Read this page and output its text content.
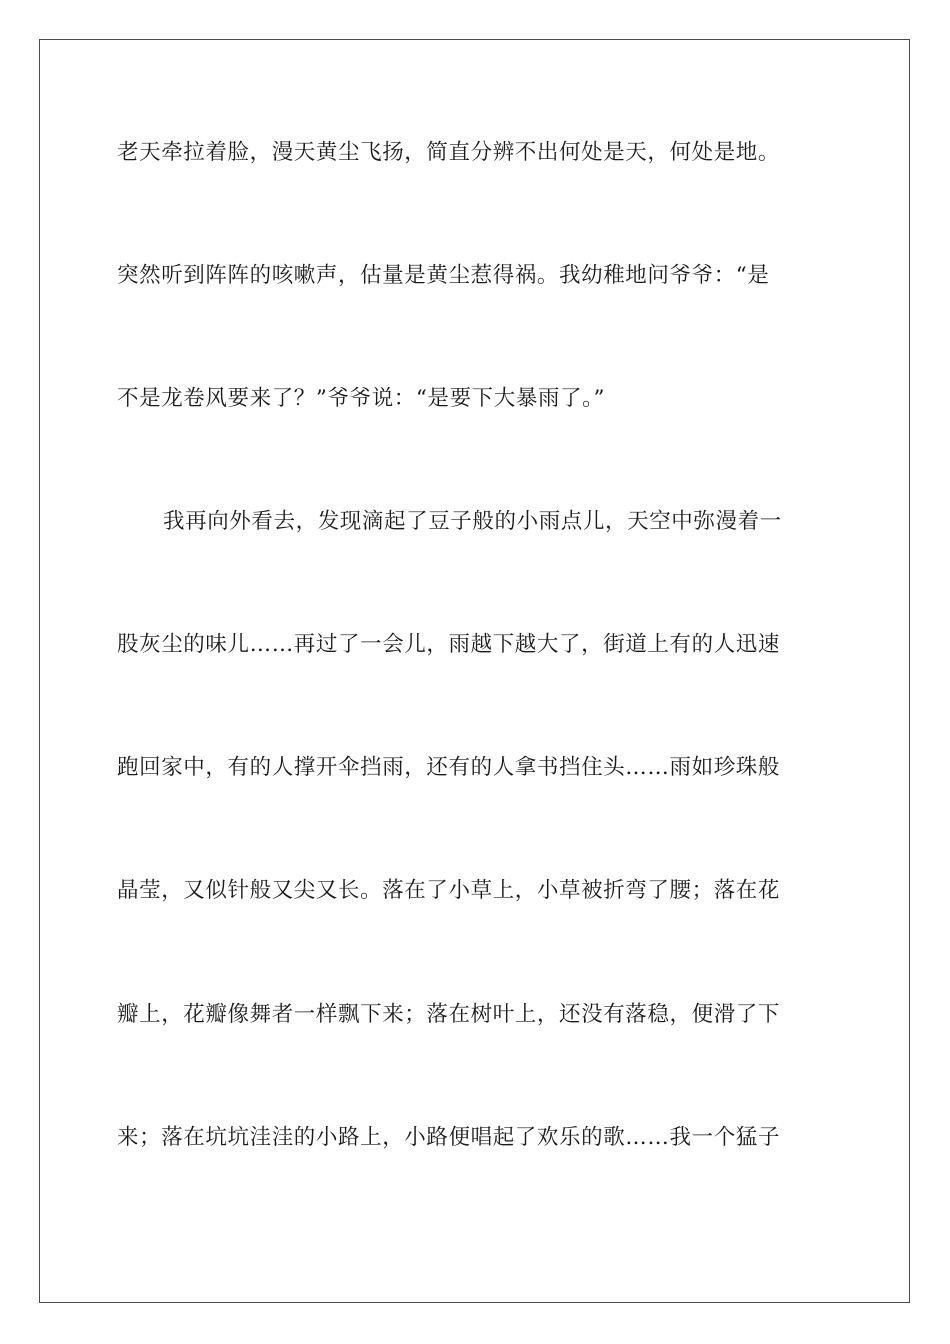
老天牵拉着脸，漫天黄尘飞扬，简直分辨不出何处是天，何处是地。
突然听到阵阵的咳嗽声，估量是黄尘惹得祸。我幼稚地问爷爷：“是
不是龙卷风要来了？”爷爷说：“是要下大暴雨了。”
我再向外看去，发现滴起了豆子般的小雨点儿，天空中弥漫着一
股灰尘的味儿……再过了一会儿，雨越下越大了，街道上有的人迅速
跑回家中，有的人撑开伞挡雨，还有的人拿书挡住头……雨如珍珠般
晶莹，又似针般又尖又长。落在了小草上，小草被折弯了腰；落在花
瓣上，花瓣像舞者一样飘下来；落在树叶上，还没有落稳，便滑了下
来；落在坑坑洼洼的小路上，小路便唱起了欢乐的歌……我一个猛子
